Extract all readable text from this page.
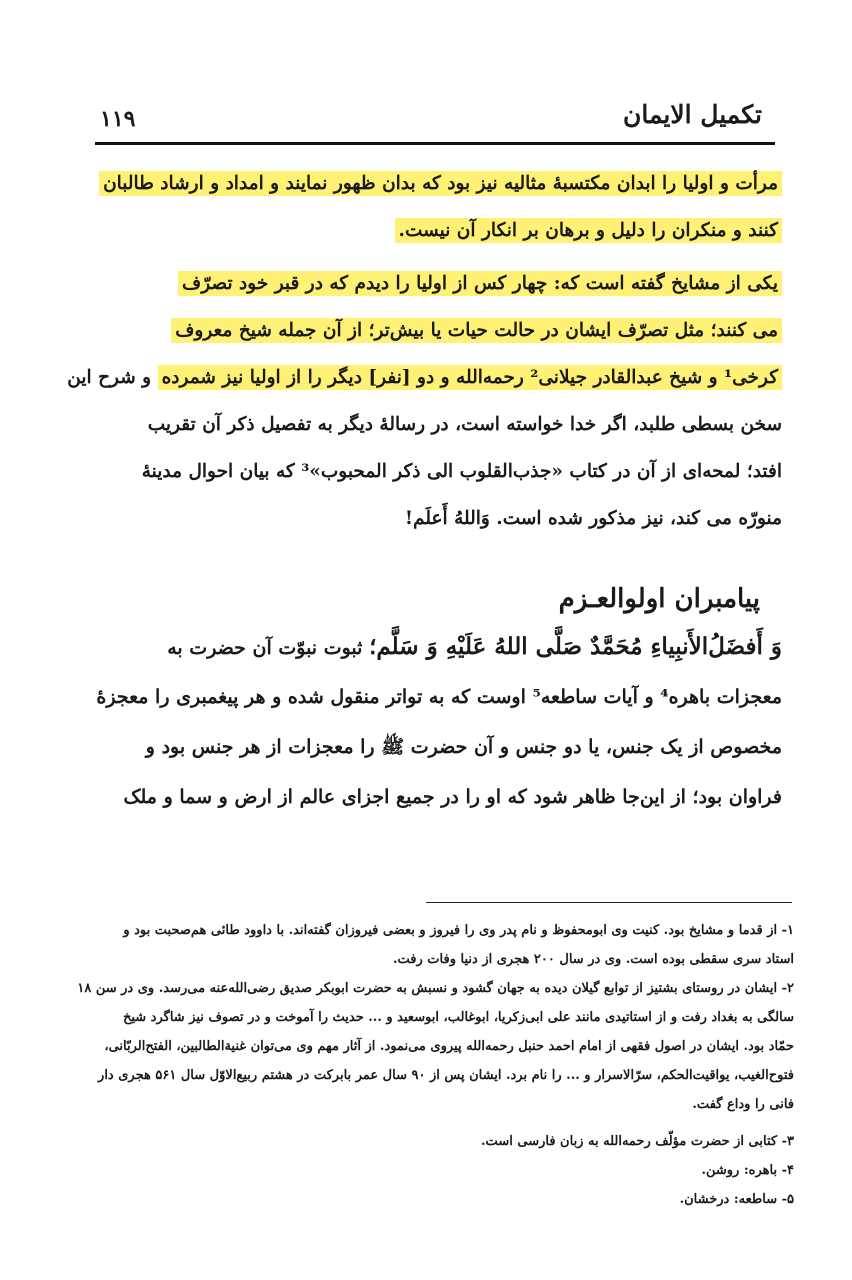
تکمیل الایمان
۱۱۹
مرأت و اولیا را ابدان مکتسبهٔ مثالیه نیز بود که بدان ظهور نمایند و امداد و ارشاد طالبان
کنند و منکران را دلیل و برهان بر انکار آن نیست.
یکی از مشایخ گفته است که: چهار کس از اولیا را دیدم که در قبر خود تصرّف
می کنند؛ مثل تصرّف ایشان در حالت حیات یا بیش‌تر؛ از آن جمله شیخ معروف
کرخی¹ و شیخ عبدالقادر جیلانی² رحمه‌الله و دو [نفر] دیگر را از اولیا نیز شمرده و شرح این
سخن بسطی طلبد، اگر خدا خواسته است، در رسالهٔ دیگر به تفصیل ذکر آن تقریب
افتد؛ لمحه‌ای از آن در کتاب «جذب‌القلوب الی ذکر المحبوب»³ که بیان احوال مدینهٔ
منورّه می کند، نیز مذکور شده است. وَاللهُ أَعلَم!
پیامبران اولوالعـزم
وَ أَفضَلُ‌الأَنبِیاءِ مُحَمَّدٌ صَلَّی اللهُ عَلَیْهِ وَ سَلَّم؛ ثبوت نبوّت آن حضرت به
معجزات باهره⁴ و آیات ساطعه⁵ اوست که به تواتر منقول شده و هر پیغمبری را معجزهٔ
مخصوص از یک جنس، یا دو جنس و آن حضرت ﷺ را معجزات از هر جنس بود و
فراوان بود؛ از این‌جا ظاهر شود که او را در جمیع اجزای عالم از ارض و سما و ملک
۱- از قدما و مشایخ بود. کنیت وی ابومحفوظ و نام پدر وی را فیروز و بعضی فیروزان گفته‌اند. با داوود طائی هم‌صحبت بود و
استاد سری سقطی بوده است. وی در سال ۲۰۰ هجری از دنیا وفات رفت.
۲- ایشان در روستای بشتیز از توابع گیلان دیده به جهان گشود و نسبش به حضرت ابوبکر صدیق رضی‌الله‌عنه می‌رسد. وی در سن ۱۸
سالگی به بغداد رفت و از استاتیدی مانند علی ابی‌زکریا، ابوغالب، ابوسعید و ... حدیث را آموخت و در تصوف نیز شاگرد شیخ
حمّاد بود. ایشان در اصول فقهی از امام احمد حنبل رحمه‌الله پیروی می‌نمود. از آثار مهم وی می‌توان غنیة‌الطالبین، الفتح‌الربّانی،
فتوح‌الغیب، یواقیت‌الحکم، سرّالاسرار و ... را نام برد. ایشان پس از ۹۰ سال عمر بابرکت در هشتم ربیع‌الاوّل سال ۵۶۱ هجری دار
فانی را وداع گفت.
۳- کتابی از حضرت مؤلّف رحمه‌الله به زبان فارسی است.
۴- باهره: روشن.
۵- ساطعه: درخشان.
